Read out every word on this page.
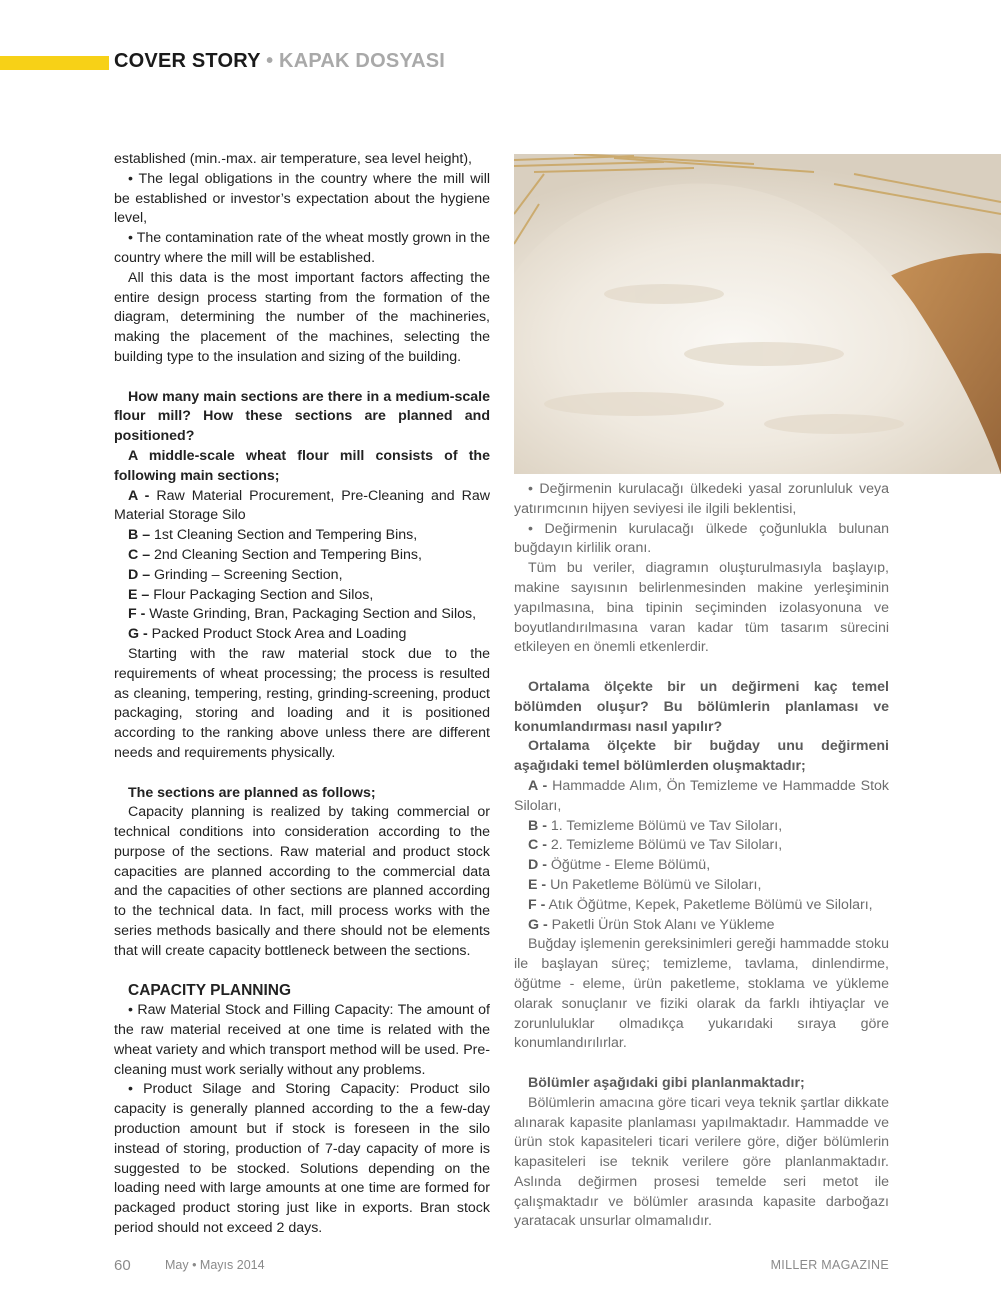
COVER STORY • KAPAK DOSYASI

established (min.-max. air temperature, sea level height),

• The legal obligations in the country where the mill will be established or investor’s expectation about the hygiene level,

• The contamination rate of the wheat mostly grown in the country where the mill will be established.

All this data is the most important factors affecting the entire design process starting from the formation of the diagram, determining the number of the machineries, making the placement of the machines, selecting the building type to the insulation and sizing of the building.

How many main sections are there in a medium-scale flour mill? How these sections are planned and positioned?

A middle-scale wheat flour mill consists of the following main sections;

A - Raw Material Procurement, Pre-Cleaning and Raw Material Storage Silo

B – 1st Cleaning Section and Tempering Bins,

C – 2nd Cleaning Section and Tempering Bins,

D – Grinding – Screening Section,

E – Flour Packaging Section and Silos,

F - Waste Grinding, Bran, Packaging Section and Silos,

G - Packed Product Stock Area and Loading

Starting with the raw material stock due to the requirements of wheat processing; the process is resulted as cleaning, tempering, resting, grinding-screening, product packaging, storing and loading and it is positioned according to the ranking above unless there are different needs and requirements physically.

The sections are planned as follows;

Capacity planning is realized by taking commercial or technical conditions into consideration according to the purpose of the sections. Raw material and product stock capacities are planned according to the commercial data and the capacities of other sections are planned according to the technical data. In fact, mill process works with the series methods basically and there should not be elements that will create capacity bottleneck between the sections.

CAPACITY PLANNING

• Raw Material Stock and Filling Capacity: The amount of the raw material received at one time is related with the wheat variety and which transport method will be used. Pre-cleaning must work serially without any problems.

• Product Silage and Storing Capacity: Product silo capacity is generally planned according to the a few-day production amount but if stock is foreseen in the silo instead of storing, production of 7-day capacity of more is suggested to be stocked. Solutions depending on the loading need with large amounts at one time are formed for packaged product storing just like in exports. Bran stock period should not exceed 2 days.

• Değirmenin kurulacağı ülkedeki yasal zorunluluk veya yatırımcının hijyen seviyesi ile ilgili beklentisi,

• Değirmenin kurulacağı ülkede çoğunlukla bulunan buğdayın kirlilik oranı.

Tüm bu veriler, diagramın oluşturulmasıyla başlayıp, makine sayısının belirlenmesinden makine yerleşiminin yapılmasına, bina tipinin seçiminden izolasyonuna ve boyutlandırılmasına varan kadar tüm tasarım sürecini etkileyen en önemli etkenlerdir.

Ortalama ölçekte bir un değirmeni kaç temel bölümden oluşur? Bu bölümlerin planlaması ve konumlandırması nasıl yapılır?

Ortalama ölçekte bir buğday unu değirmeni aşağıdaki temel bölümlerden oluşmaktadır;

A - Hammadde Alım, Ön Temizleme ve Hammadde Stok Siloları,

B - 1. Temizleme Bölümü ve Tav Siloları,

C - 2. Temizleme Bölümü ve Tav Siloları,

D - Öğütme - Eleme Bölümü,

E - Un Paketleme Bölümü ve Siloları,

F - Atık Öğütme, Kepek, Paketleme Bölümü ve Siloları,

G - Paketli Ürün Stok Alanı ve Yükleme

Buğday işlemenin gereksinimleri gereği hammadde stoku ile başlayan süreç; temizleme, tavlama, dinlendirme, öğütme - eleme, ürün paketleme, stoklama ve yükleme olarak sonuçlanır ve fiziki olarak da farklı ihtiyaçlar ve zorunluluklar olmadıkça yukarıdaki sıraya göre konumlandırılırlar.

Bölümler aşağıdaki gibi planlanmaktadır;

Bölümlerin amacına göre ticari veya teknik şartlar dikkate alınarak kapasite planlaması yapılmaktadır. Hammadde ve ürün stok kapasiteleri ticari verilere göre, diğer bölümlerin kapasiteleri ise teknik verilere göre planlanmaktadır. Aslında değirmen prosesi temelde seri metot ile çalışmaktadır ve bölümler arasında kapasite darboğazı yaratacak unsurlar olmamalıdır.

60	May • Mayıs 2014	MILLER MAGAZINE
